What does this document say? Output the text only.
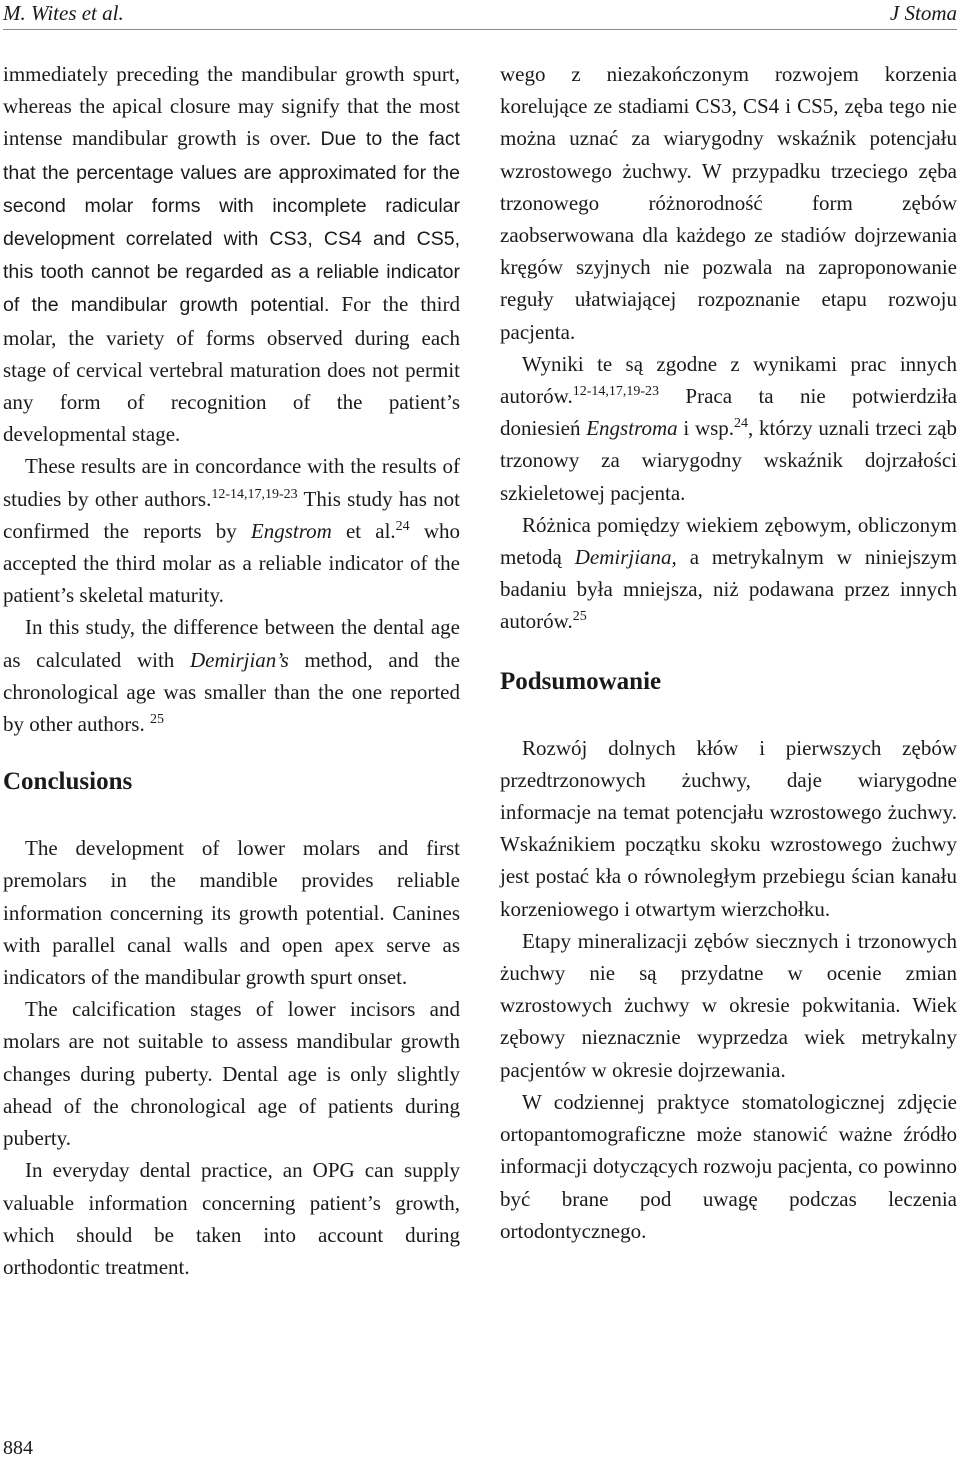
M. Wites et al.	J Stoma

immediately preceding the mandibular growth spurt, whereas the apical closure may signify that the most intense mandibular growth is over. Due to the fact that the percentage values are approximated for the second molar forms with incomplete radicular development correlated with CS3, CS4 and CS5, this tooth cannot be regarded as a reliable indicator of the mandibular growth potential. For the third molar, the variety of forms observed during each stage of cervical vertebral maturation does not permit any form of recognition of the patient’s developmental stage.

These results are in concordance with the results of studies by other authors.$^{12-14,17,19-23}$ This study has not confirmed the reports by Engstrom et al.$^{24}$ who accepted the third molar as a reliable indicator of the patient’s skeletal maturity.

In this study, the difference between the dental age as calculated with Demirjian’s method, and the chronological age was smaller than the one reported by other authors. $^{25}$

Conclusions

The development of lower molars and first premolars in the mandible provides reliable information concerning its growth potential. Canines with parallel canal walls and open apex serve as indicators of the mandibular growth spurt onset.

The calcification stages of lower incisors and molars are not suitable to assess mandibular growth changes during puberty. Dental age is only slightly ahead of the chronological age of patients during puberty.

In everyday dental practice, an OPG can supply valuable information concerning patient’s growth, which should be taken into account during orthodontic treatment.

wego z niezakończonym rozwojem korzenia korelujące ze stadiami CS3, CS4 i CS5, zęba tego nie można uznać za wiarygodny wskaźnik potencjału wzrostowego żuchwy. W przypadku trzeciego zęba trzonowego różnorodność form zębów zaobserwowana dla każdego ze stadiów dojrzewania kręgów szyjnych nie pozwala na zaproponowanie reguły ułatwiającej rozpoznanie etapu rozwoju pacjenta.

Wyniki te są zgodne z wynikami prac innych autorów.$^{12-14,17,19-23}$ Praca ta nie potwierdziła doniesień Engstroma i wsp.$^{24}$, którzy uznali trzeci ząb trzonowy za wiarygodny wskaźnik dojrzałości szkieletowej pacjenta.

Różnica pomiędzy wiekiem zębowym, obliczonym metodą Demirjiana, a metrykalnym w niniejszym badaniu była mniejsza, niż podawana przez innych autorów.$^{25}$

Podsumowanie

Rozwój dolnych kłów i pierwszych zębów przedtrzonowych żuchwy, daje wiarygodne informacje na temat potencjału wzrostowego żuchwy. Wskaźnikiem początku skoku wzrostowego żuchwy jest postać kła o równoległym przebiegu ścian kanału korzeniowego i otwartym wierzchołku.

Etapy mineralizacji zębów siecznych i trzonowych żuchwy nie są przydatne w ocenie zmian wzrostowych żuchwy w okresie pokwitania. Wiek zębowy nieznacznie wyprzedza wiek metrykalny pacjentów w okresie dojrzewania.

W codziennej praktyce stomatologicznej zdjęcie ortopantomograficzne może stanowić ważne źródło informacji dotyczących rozwoju pacjenta, co powinno być brane pod uwagę podczas leczenia ortodontycznego.

884
